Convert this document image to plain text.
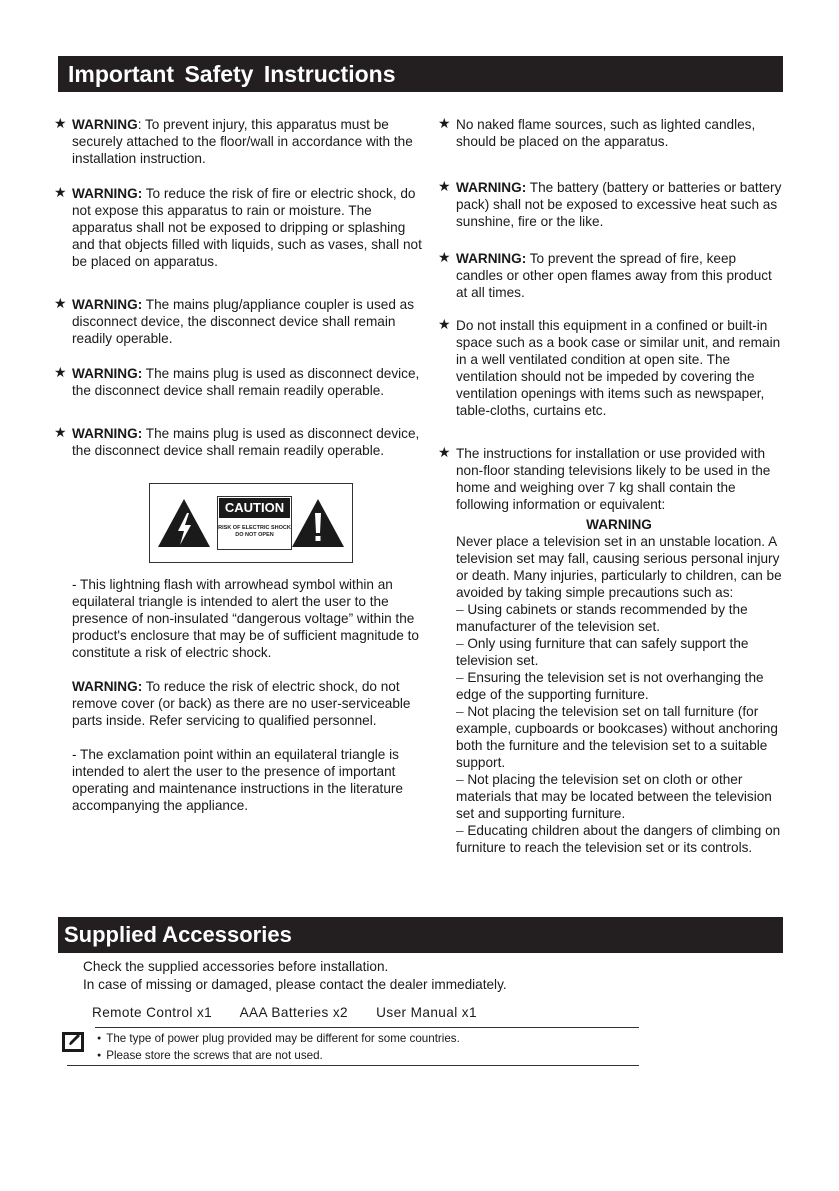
Important Safety Instructions
★ WARNING: To prevent injury, this apparatus must be securely attached to the floor/wall in accordance with the installation instruction.
★ WARNING: To reduce the risk of fire or electric shock, do not expose this apparatus to rain or moisture. The apparatus shall not be exposed to dripping or splashing and that objects filled with liquids, such as vases, shall not be placed on apparatus.
★ WARNING: The mains plug/appliance coupler is used as disconnect device, the disconnect device shall remain readily operable.
★ WARNING: The mains plug is used as disconnect device, the disconnect device shall remain readily operable.
★ WARNING: The mains plug is used as disconnect device, the disconnect device shall remain readily operable.
CAUTION
RISK OF ELECTRIC SHOCK
DO NOT OPEN
- This lightning flash with arrowhead symbol within an equilateral triangle is intended to alert the user to the presence of non-insulated “dangerous voltage” within the product's enclosure that may be of sufficient magnitude to constitute a risk of electric shock.
WARNING: To reduce the risk of electric shock, do not remove cover (or back) as there are no user-serviceable parts inside. Refer servicing to qualified personnel.
- The exclamation point within an equilateral triangle is intended to alert the user to the presence of important operating and maintenance instructions in the literature accompanying the appliance.
★ No naked flame sources, such as lighted candles, should be placed on the apparatus.
★ WARNING: The battery (battery or batteries or battery pack) shall not be exposed to excessive heat such as sunshine, fire or the like.
★ WARNING: To prevent the spread of fire, keep candles or other open flames away from this product at all times.
★ Do not install this equipment in a confined or built-in space such as a book case or similar unit, and remain in a well ventilated condition at open site. The ventilation should not be impeded by covering the ventilation openings with items such as newspaper, table-cloths, curtains etc.
★ The instructions for installation or use provided with non-floor standing televisions likely to be used in the home and weighing over 7 kg shall contain the following information or equivalent:
WARNING
Never place a television set in an unstable location. A television set may fall, causing serious personal injury or death. Many injuries, particularly to children, can be avoided by taking simple precautions such as:
– Using cabinets or stands recommended by the manufacturer of the television set.
– Only using furniture that can safely support the television set.
– Ensuring the television set is not overhanging the edge of the supporting furniture.
– Not placing the television set on tall furniture (for example, cupboards or bookcases) without anchoring both the furniture and the television set to a suitable support.
– Not placing the television set on cloth or other materials that may be located between the television set and supporting furniture.
– Educating children about the dangers of climbing on furniture to reach the television set or its controls.
Supplied Accessories
Check the supplied accessories before installation.
In case of missing or damaged, please contact the dealer immediately.
Remote Control x1 AAA Batteries x2 User Manual x1
● The type of power plug provided may be different for some countries.
● Please store the screws that are not used.
